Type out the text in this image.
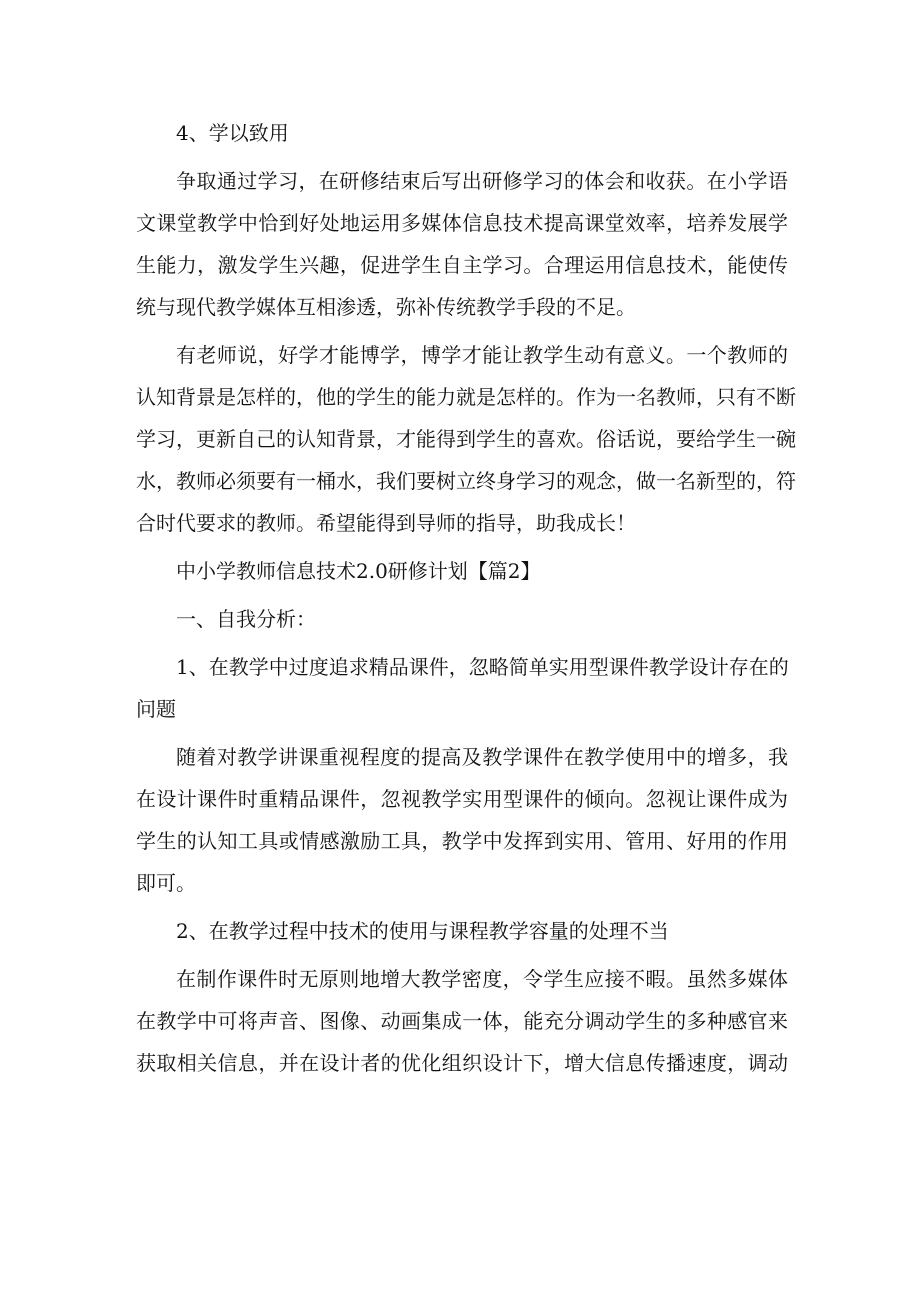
4、学以致用
争取通过学习，在研修结束后写出研修学习的体会和收获。在小学语
文课堂教学中恰到好处地运用多媒体信息技术提高课堂效率，培养发展学
生能力，激发学生兴趣，促进学生自主学习。合理运用信息技术，能使传
统与现代教学媒体互相渗透，弥补传统教学手段的不足。
有老师说，好学才能博学，博学才能让教学生动有意义。一个教师的
认知背景是怎样的，他的学生的能力就是怎样的。作为一名教师，只有不断
学习，更新自己的认知背景，才能得到学生的喜欢。俗话说，要给学生一碗
水，教师必须要有一桶水，我们要树立终身学习的观念，做一名新型的，符
合时代要求的教师。希望能得到导师的指导，助我成长！
中小学教师信息技术2.0研修计划【篇2】
一、自我分析：
1、在教学中过度追求精品课件，忽略简单实用型课件教学设计存在的
问题
随着对教学讲课重视程度的提高及教学课件在教学使用中的增多，我
在设计课件时重精品课件，忽视教学实用型课件的倾向。忽视让课件成为
学生的认知工具或情感激励工具，教学中发挥到实用、管用、好用的作用
即可。
2、在教学过程中技术的使用与课程教学容量的处理不当
在制作课件时无原则地增大教学密度，令学生应接不暇。虽然多媒体
在教学中可将声音、图像、动画集成一体，能充分调动学生的多种感官来
获取相关信息，并在设计者的优化组织设计下，增大信息传播速度，调动
